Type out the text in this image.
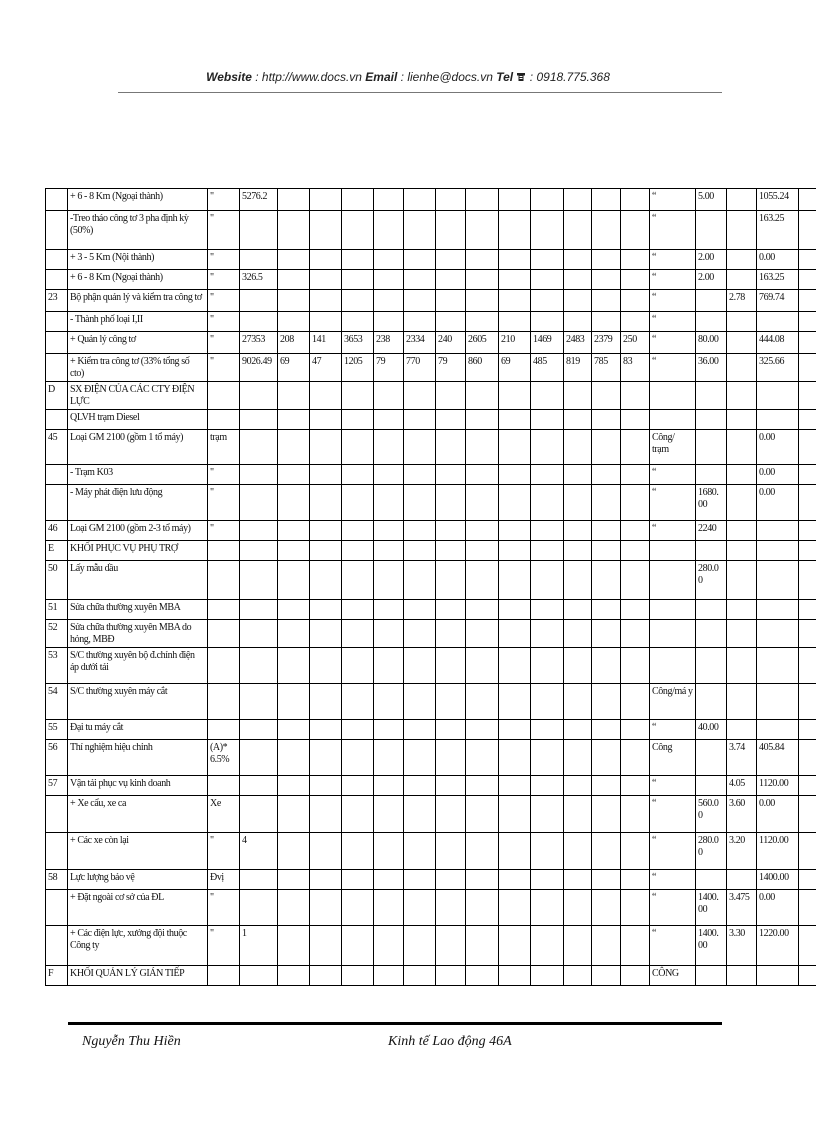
Website : http://www.docs.vn Email : lienhe@docs.vn Tel  : 0918.775.368
	+ 6 - 8 Km (Ngoại thành)	"	5276.2													“	5.00		1055.24	
	-Treo tháo công tơ 3 pha định kỳ (50%)	"														“			163.25	
	+ 3 - 5 Km (Nội thành)	"														“	2.00		0.00	
	+ 6 - 8 Km (Ngoại thành)	"	326.5													“	2.00		163.25	
23	Bộ phận quản lý và kiểm tra công tơ	"														“		2.78	769.74	
	- Thành phố loại I,II	"														“				
	+ Quản lý công tơ	"	27353	208	141	3653	238	2334	240	2605	210	1469	2483	2379	250	“	80.00		444.08	
	+ Kiểm tra công tơ (33% tổng số cto)	"	9026.49	69	47	1205	79	770	79	860	69	485	819	785	83	“	36.00		325.66	
D	SX ĐIỆN CỦA CÁC CTY ĐIỆN LỰC																			
	QLVH trạm Diesel																			
45	Loại GM 2100 (gồm 1 tổ máy)	trạm														Công/ trạm			0.00	
	- Trạm K03	"														“			0.00	
	- Máy phát điện lưu động	"														“	1680. 00		0.00	
46	Loại GM 2100 (gồm 2-3 tổ máy)	"														“	2240			
E	KHỐI PHỤC VỤ PHỤ TRỢ																			
50	Lấy mẫu dầu																280.0 0			
51	Sửa chữa thường xuyên MBA																			
52	Sửa chữa thường xuyên MBA do hỏng, MBĐ																			
53	S/C thường xuyên bộ đ.chỉnh điện áp dưới tải																			
54	S/C thường xuyên máy cắt															Công/má y				
55	Đại tu máy cắt															“	40.00			
56	Thí nghiệm hiệu chỉnh	(A)* 6.5%														Công		3.74	405.84	
57	Vận tải phục vụ kinh doanh															“		4.05	1120.00	
	+ Xe cẩu, xe ca	Xe														“	560.0 0	3.60	0.00	
	+ Các xe còn lại	"	4													“	280.0 0	3.20	1120.00	
58	Lực lượng bảo vệ	Đvị														“			1400.00	
	+ Đặt ngoài cơ sở của ĐL	"														“	1400. 00	3.475	0.00	
	+ Các điện lực, xưởng đội thuộc Công ty	"	1													“	1400. 00	3.30	1220.00	
F	KHỐI QUẢN LÝ GIÁN TIẾP															CÔNG				
Nguyễn Thu Hiền	Kinh tế Lao động 46A
